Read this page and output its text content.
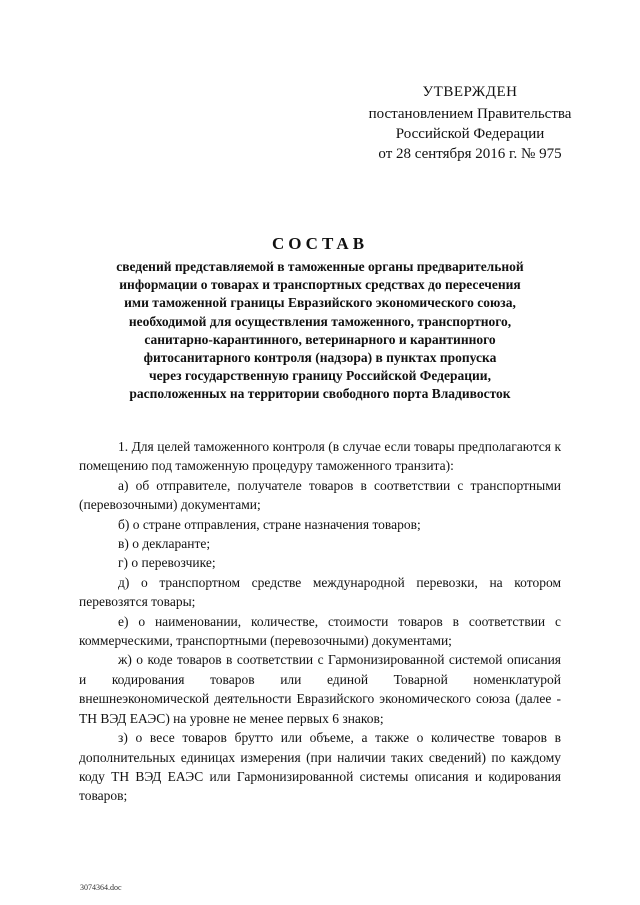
УТВЕРЖДЕН
постановлением Правительства
Российской Федерации
от 28 сентября 2016 г. № 975
СОСТАВ
сведений представляемой в таможенные органы предварительной
информации о товарах и транспортных средствах до пересечения
ими таможенной границы Евразийского экономического союза,
необходимой для осуществления таможенного, транспортного,
санитарно-карантинного, ветеринарного и карантинного
фитосанитарного контроля (надзора) в пунктах пропуска
через государственную границу Российской Федерации,
расположенных на территории свободного порта Владивосток

1. Для целей таможенного контроля (в случае если товары предполагаются к помещению под таможенную процедуру таможенного транзита):

а) об отправителе, получателе товаров в соответствии с транспортными (перевозочными) документами;

б) о стране отправления, стране назначения товаров;

в) о декларанте;

г) о перевозчике;

д) о транспортном средстве международной перевозки, на котором перевозятся товары;

е) о наименовании, количестве, стоимости товаров в соответствии с коммерческими, транспортными (перевозочными) документами;

ж) о коде товаров в соответствии с Гармонизированной системой описания и кодирования товаров или единой Товарной номенклатурой внешнеэкономической деятельности Евразийского экономического союза (далее - ТН ВЭД ЕАЭС) на уровне не менее первых 6 знаков;

з) о весе товаров брутто или объеме, а также о количестве товаров в дополнительных единицах измерения (при наличии таких сведений) по каждому коду ТН ВЭД ЕАЭС или Гармонизированной системы описания и кодирования товаров;

3074364.doc
